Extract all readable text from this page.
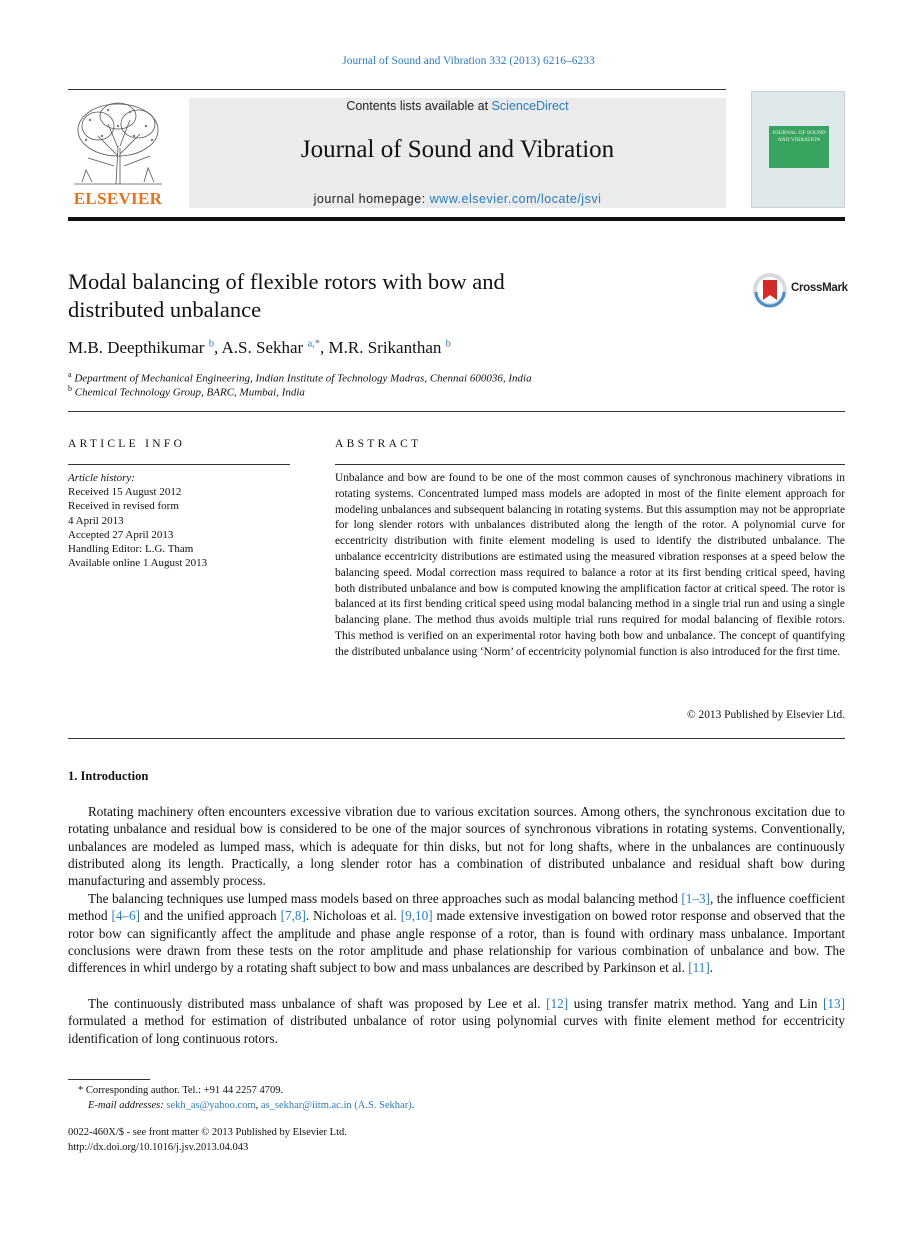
Journal of Sound and Vibration 332 (2013) 6216–6233
ELSEVIER
Contents lists available at ScienceDirect
Journal of Sound and Vibration
journal homepage: www.elsevier.com/locate/jsvi
JOURNAL OF SOUND AND VIBRATION
Modal balancing of flexible rotors with bow and distributed unbalance
CrossMark
M.B. Deepthikumar $^b$, A.S. Sekhar $^{a,*}$, M.R. Srikanthan $^b$
$^a$ Department of Mechanical Engineering, Indian Institute of Technology Madras, Chennai 600036, India
$^b$ Chemical Technology Group, BARC, Mumbai, India
ARTICLE INFO	ABSTRACT
Article history:
Received 15 August 2012
Received in revised form
4 April 2013
Accepted 27 April 2013
Handling Editor: L.G. Tham
Available online 1 August 2013
Unbalance and bow are found to be one of the most common causes of synchronous machinery vibrations in rotating systems. Concentrated lumped mass models are adopted in most of the finite element approach for modeling unbalances and subsequent balancing in rotating systems. But this assumption may not be appropriate for long slender rotors with unbalances distributed along the length of the rotor. A polynomial curve for eccentricity distribution with finite element modeling is used to identify the distributed unbalance. The unbalance eccentricity distributions are estimated using the measured vibration responses at a speed below the balancing speed. Modal correction mass required to balance a rotor at its first bending critical speed, having both distributed unbalance and bow is computed knowing the amplification factor at critical speed. The rotor is balanced at its first bending critical speed using modal balancing method in a single trial run and using a single balancing plane. The method thus avoids multiple trial runs required for modal balancing of flexible rotors. This method is verified on an experimental rotor having both bow and unbalance. The concept of quantifying the distributed unbalance using ‘Norm’ of eccentricity polynomial function is also introduced for the first time.
© 2013 Published by Elsevier Ltd.
1. Introduction
Rotating machinery often encounters excessive vibration due to various excitation sources. Among others, the synchronous excitation due to rotating unbalance and residual bow is considered to be one of the major sources of synchronous vibrations in rotating systems. Conventionally, unbalances are modeled as lumped mass, which is adequate for thin disks, but not for long shafts, where in the unbalances are continuously distributed along its length. Practically, a long slender rotor has a combination of distributed unbalance and residual shaft bow during manufacturing and assembly process.
The balancing techniques use lumped mass models based on three approaches such as modal balancing method [1–3], the influence coefficient method [4–6] and the unified approach [7,8]. Nicholoas et al. [9,10] made extensive investigation on bowed rotor response and observed that the rotor bow can significantly affect the amplitude and phase angle response of a rotor, than is found with ordinary mass unbalance. Important conclusions were drawn from these tests on the rotor amplitude and phase relationship for various combination of unbalance and bow. The differences in whirl undergo by a rotating shaft subject to bow and mass unbalances are described by Parkinson et al. [11].
The continuously distributed mass unbalance of shaft was proposed by Lee et al. [12] using transfer matrix method. Yang and Lin [13] formulated a method for estimation of distributed unbalance of rotor using polynomial curves with finite element method for eccentricity identification of long continuous rotors.
* Corresponding author. Tel.: +91 44 2257 4709.
E-mail addresses: sekh_as@yahoo.com, as_sekhar@iitm.ac.in (A.S. Sekhar).
0022-460X/$ - see front matter © 2013 Published by Elsevier Ltd.
http://dx.doi.org/10.1016/j.jsv.2013.04.043
